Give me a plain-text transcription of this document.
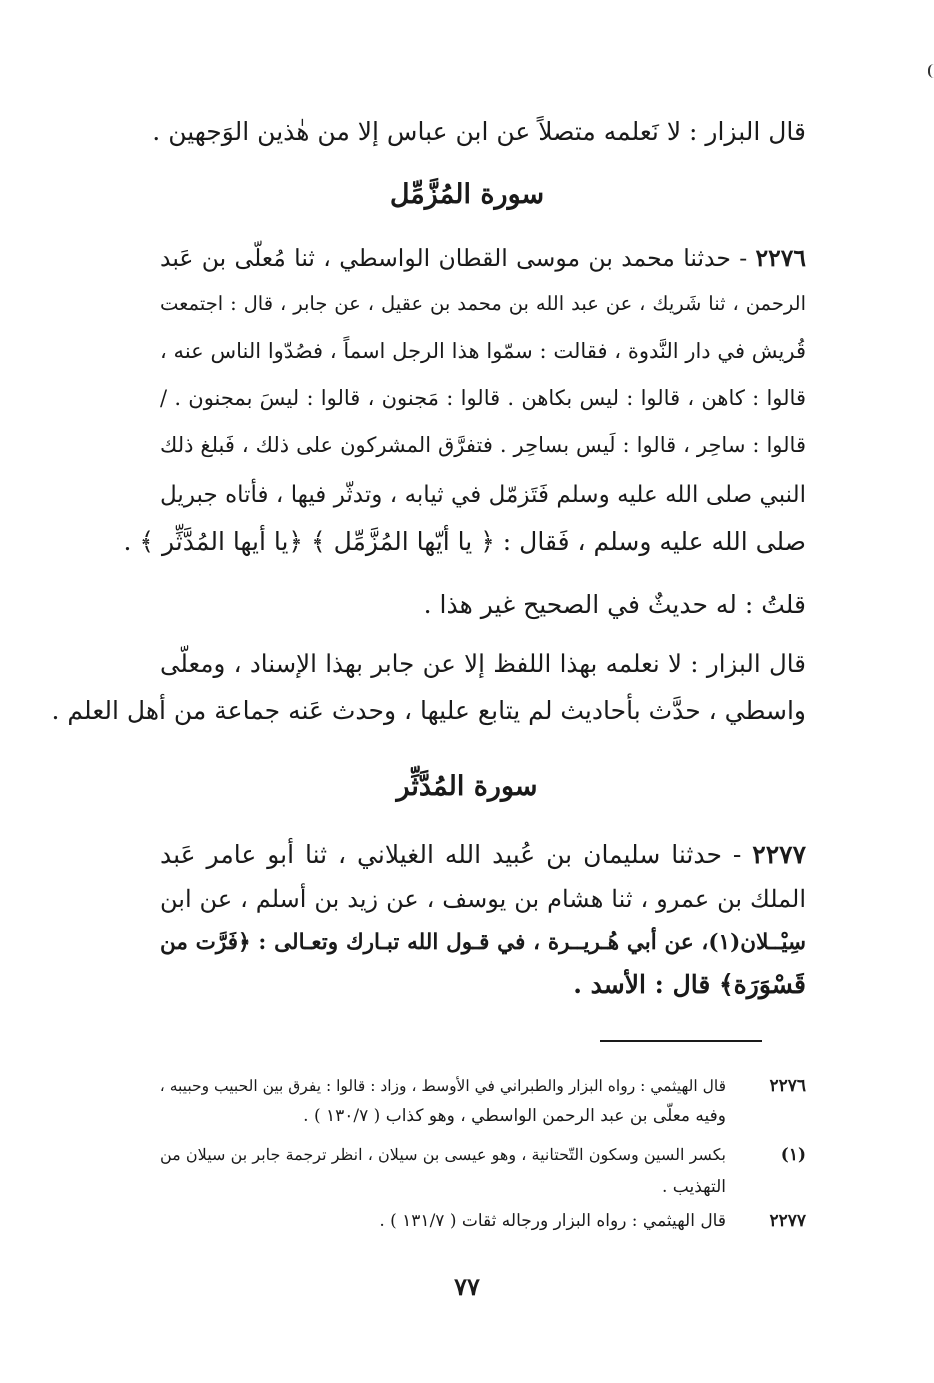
قال البزار : لا نَعلمه متصلاً عن ابن عباس إلا من هٰذين الوَجهين .
سورة المُزَّمِّل
٢٢٧٦ - حدثنا محمد بن موسى القطان الواسطي ، ثنا مُعلّى بن عَبد
الرحمن ، ثنا شَريك ، عن عبد الله بن محمد بن عقيل ، عن جابر ، قال : اجتمعت
قُريش في دار النَّدوة ، فقالت : سمّوا هذا الرجل اسماً ، فصُدّوا الناس عنه ،
قالوا : كاهن ، قالوا : ليس بكاهن . قالوا : مَجنون ، قالوا : ليسَ بمجنون . /
قالوا : ساحِر ، قالوا : لَيس بساحِر . فتفرَّق المشركون على ذلك ، فَبلغ ذلك
النبي صلى الله عليه وسلم فَتَزمّل في ثيابه ، وتدثّر فيها ، فأتاه جبريل
صلى الله عليه وسلم ، فَقال : ﴿ يا أيّها المُزَّمِّل ﴾ ﴿يا أيها المُدَّثِّر ﴾ .
قلتُ : له حديثٌ في الصحيح غير هذا .
قال البزار : لا نعلمه بهذا اللفظ إلا عن جابر بهذا الإسناد ، ومعلّى
واسطي ، حدَّث بأحاديث لم يتابع عليها ، وحدث عَنه جماعة من أهل العلم .
سورة المُدَّثِّر
٢٢٧٧ - حدثنا سليمان بن عُبيد الله الغيلاني ، ثنا أبو عامر عَبد
الملك بن عمرو ، ثنا هشام بن يوسف ، عن زيد بن أسلم ، عن ابن
سِيْــلان(١)، عن أبي هُـريــرة ، في قـول الله تبـارك وتعـالى : ﴿فَرَّت من
قَسْوَرَة﴾ قال : الأسد .
٢٢٧٦
قال الهيثمي : رواه البزار والطبراني في الأوسط ، وزاد : قالوا : يفرق بين الحبيب وحبيبه ،
وفيه معلّى بن عبد الرحمن الواسطي ، وهو كذاب ( ١٣٠/٧ ) .
(١)
بكسر السين وسكون التّحتانية ، وهو عيسى بن سيلان ، انظر ترجمة جابر بن سيلان من
التهذيب .
٢٢٧٧
قال الهيثمي : رواه البزار ورجاله ثقات ( ١٣١/٧ ) .
٧٧
